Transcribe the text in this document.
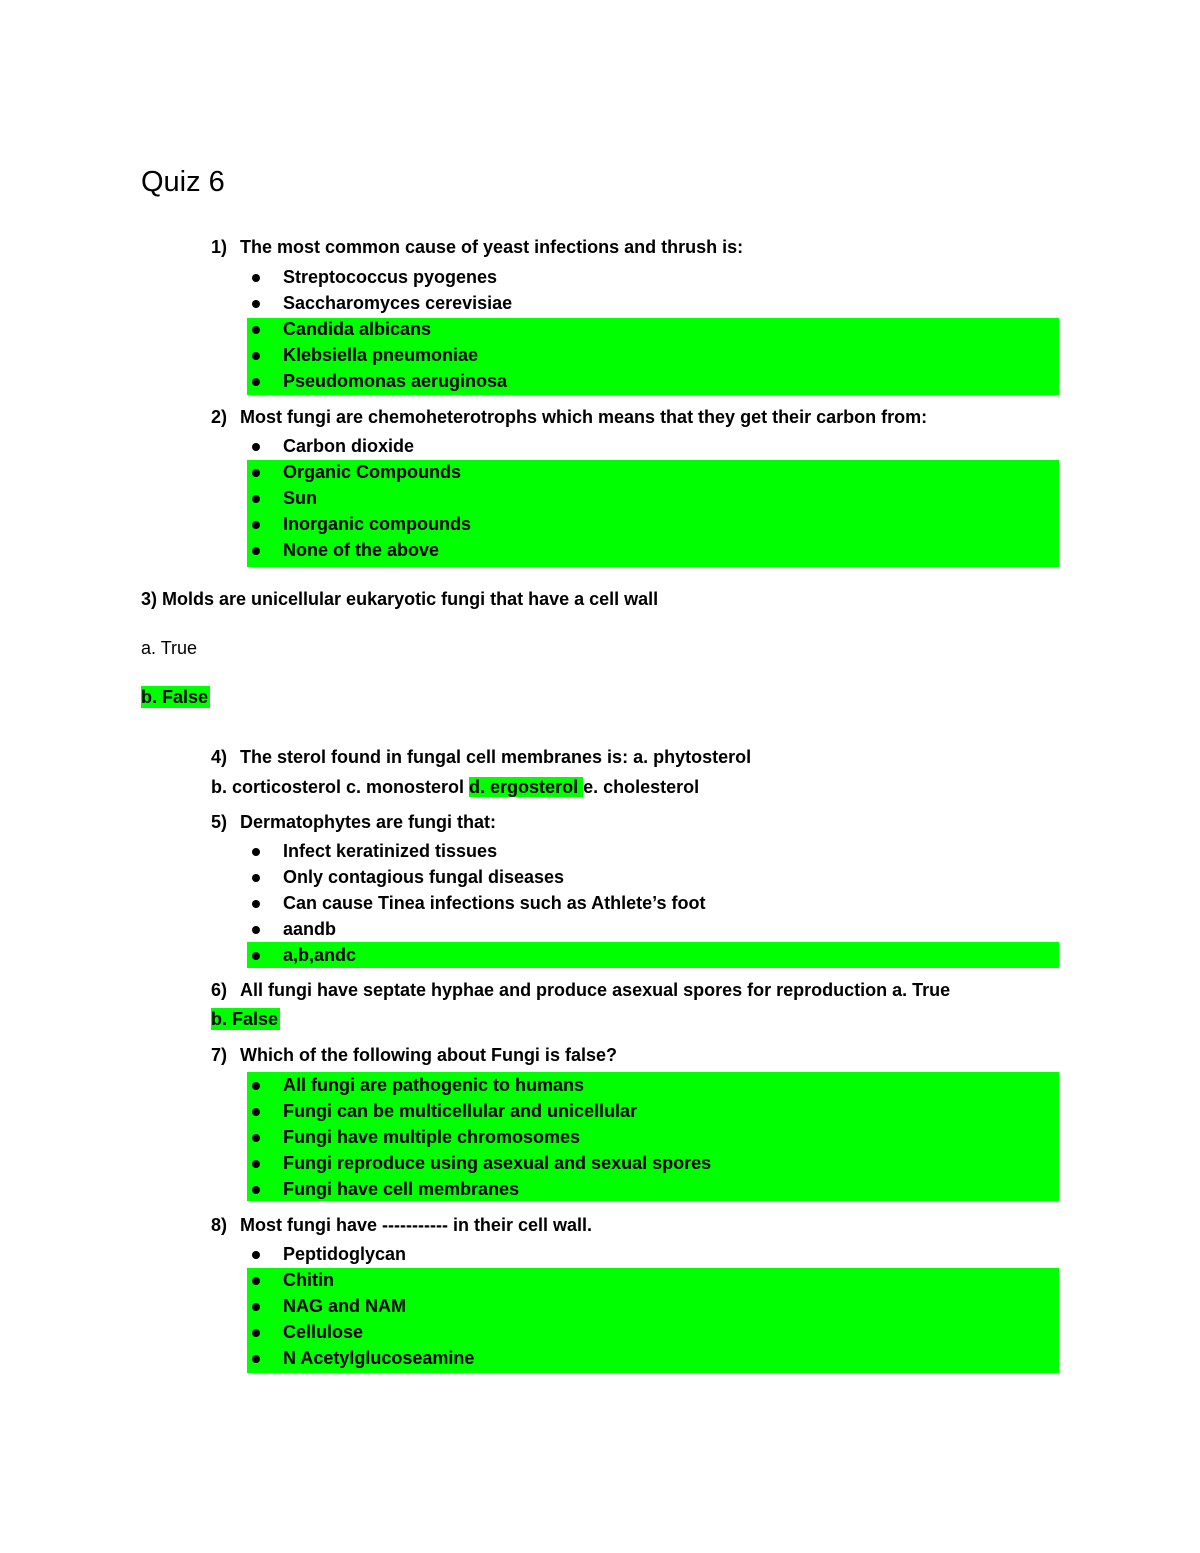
Quiz 6
1) The most common cause of yeast infections and thrush is:
Streptococcus pyogenes
Saccharomyces cerevisiae
Candida albicans
Klebsiella pneumoniae
Pseudomonas aeruginosa
2) Most fungi are chemoheterotrophs which means that they get their carbon from:
Carbon dioxide
Organic Compounds
Sun
Inorganic compounds
None of the above
3) Molds are unicellular eukaryotic fungi that have a cell wall
a. True
b. False
4) The sterol found in fungal cell membranes is: a. phytosterol
b. corticosterol c. monosterol d. ergosterol e. cholesterol
5) Dermatophytes are fungi that:
Infect keratinized tissues
Only contagious fungal diseases
Can cause Tinea infections such as Athlete’s foot
aandb
a,b,andc
6) All fungi have septate hyphae and produce asexual spores for reproduction a. True
b. False
7) Which of the following about Fungi is false?
All fungi are pathogenic to humans
Fungi can be multicellular and unicellular
Fungi have multiple chromosomes
Fungi reproduce using asexual and sexual spores
Fungi have cell membranes
8) Most fungi have ----------- in their cell wall.
Peptidoglycan
Chitin
NAG and NAM
Cellulose
N Acetylglucoseamine
